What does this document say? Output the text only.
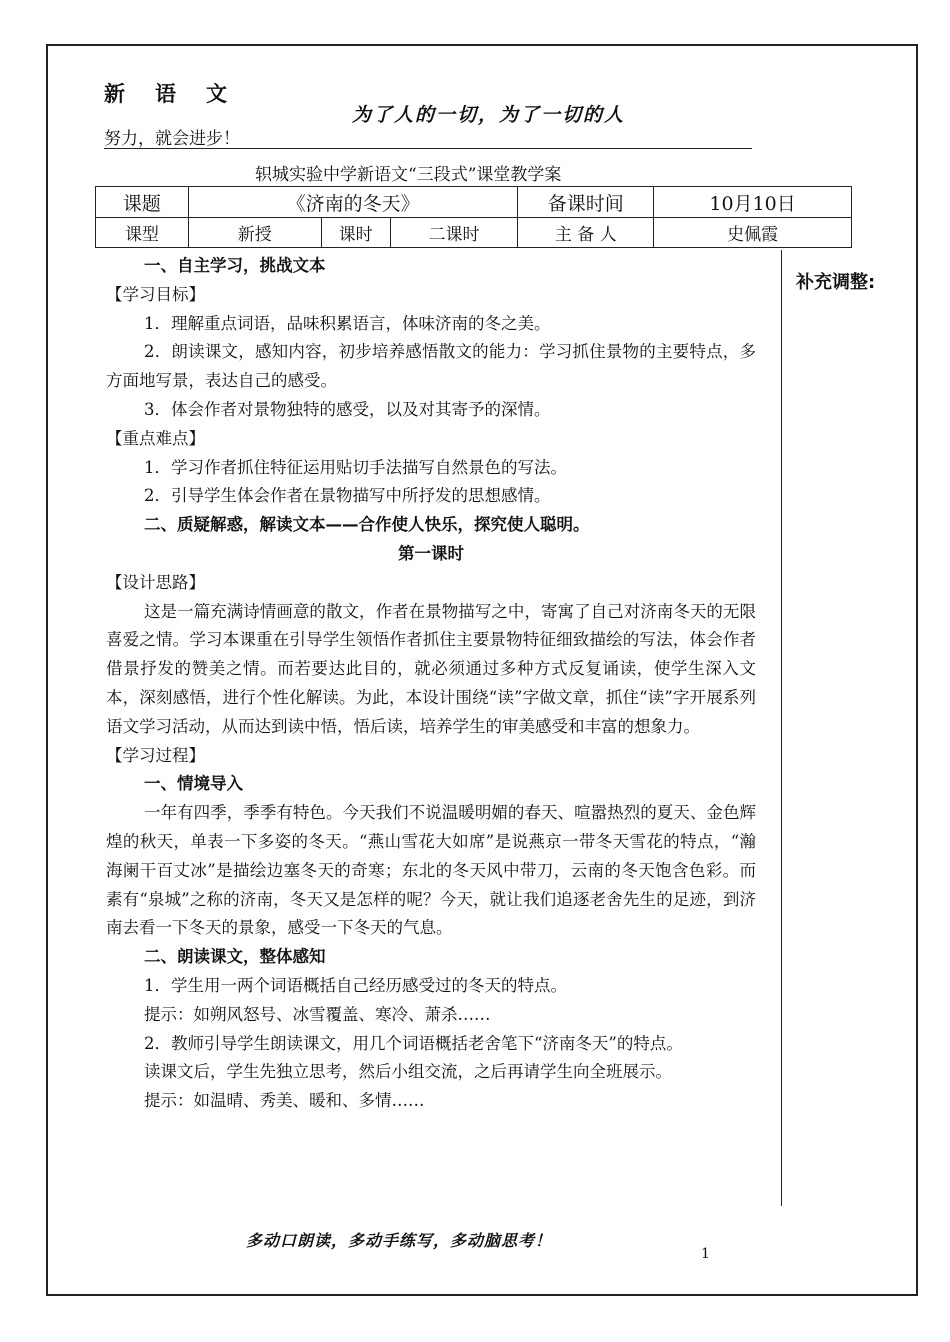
新语文
为了人的一切，为了一切的人
努力，就会进步！
轵城实验中学新语文“三段式”课堂教学案
课题	《济南的冬天》			备课时间	10月10日
课型	新授	课时	二课时	主 备 人	史佩霞
补充调整:

一、自主学习，挑战文本

【学习目标】

1．理解重点词语，品味积累语言，体味济南的冬之美。

2．朗读课文，感知内容，初步培养感悟散文的能力：学习抓住景物的主要特点，多方面地写景，表达自己的感受。

3．体会作者对景物独特的感受，以及对其寄予的深情。

【重点难点】

1．学习作者抓住特征运用贴切手法描写自然景色的写法。

2．引导学生体会作者在景物描写中所抒发的思想感情。

二、质疑解惑，解读文本——合作使人快乐，探究使人聪明。

第一课时

【设计思路】

这是一篇充满诗情画意的散文，作者在景物描写之中，寄寓了自己对济南冬天的无限喜爱之情。学习本课重在引导学生领悟作者抓住主要景物特征细致描绘的写法，体会作者借景抒发的赞美之情。而若要达此目的，就必须通过多种方式反复诵读，使学生深入文本，深刻感悟，进行个性化解读。为此，本设计围绕“读”字做文章，抓住“读”字开展系列语文学习活动，从而达到读中悟，悟后读，培养学生的审美感受和丰富的想象力。

【学习过程】

一、情境导入

一年有四季，季季有特色。今天我们不说温暖明媚的春天、喧嚣热烈的夏天、金色辉煌的秋天，单表一下多姿的冬天。“燕山雪花大如席”是说燕京一带冬天雪花的特点，“瀚海阑干百丈冰”是描绘边塞冬天的奇寒；东北的冬天风中带刀，云南的冬天饱含色彩。而素有“泉城”之称的济南，冬天又是怎样的呢？今天，就让我们追逐老舍先生的足迹，到济南去看一下冬天的景象，感受一下冬天的气息。

二、朗读课文，整体感知

1．学生用一两个词语概括自己经历感受过的冬天的特点。

提示：如朔风怒号、冰雪覆盖、寒冷、萧杀……

2．教师引导学生朗读课文，用几个词语概括老舍笔下“济南冬天”的特点。

读课文后，学生先独立思考，然后小组交流，之后再请学生向全班展示。

提示：如温晴、秀美、暖和、多情……

多动口朗读，多动手练写，多动脑思考！
1
